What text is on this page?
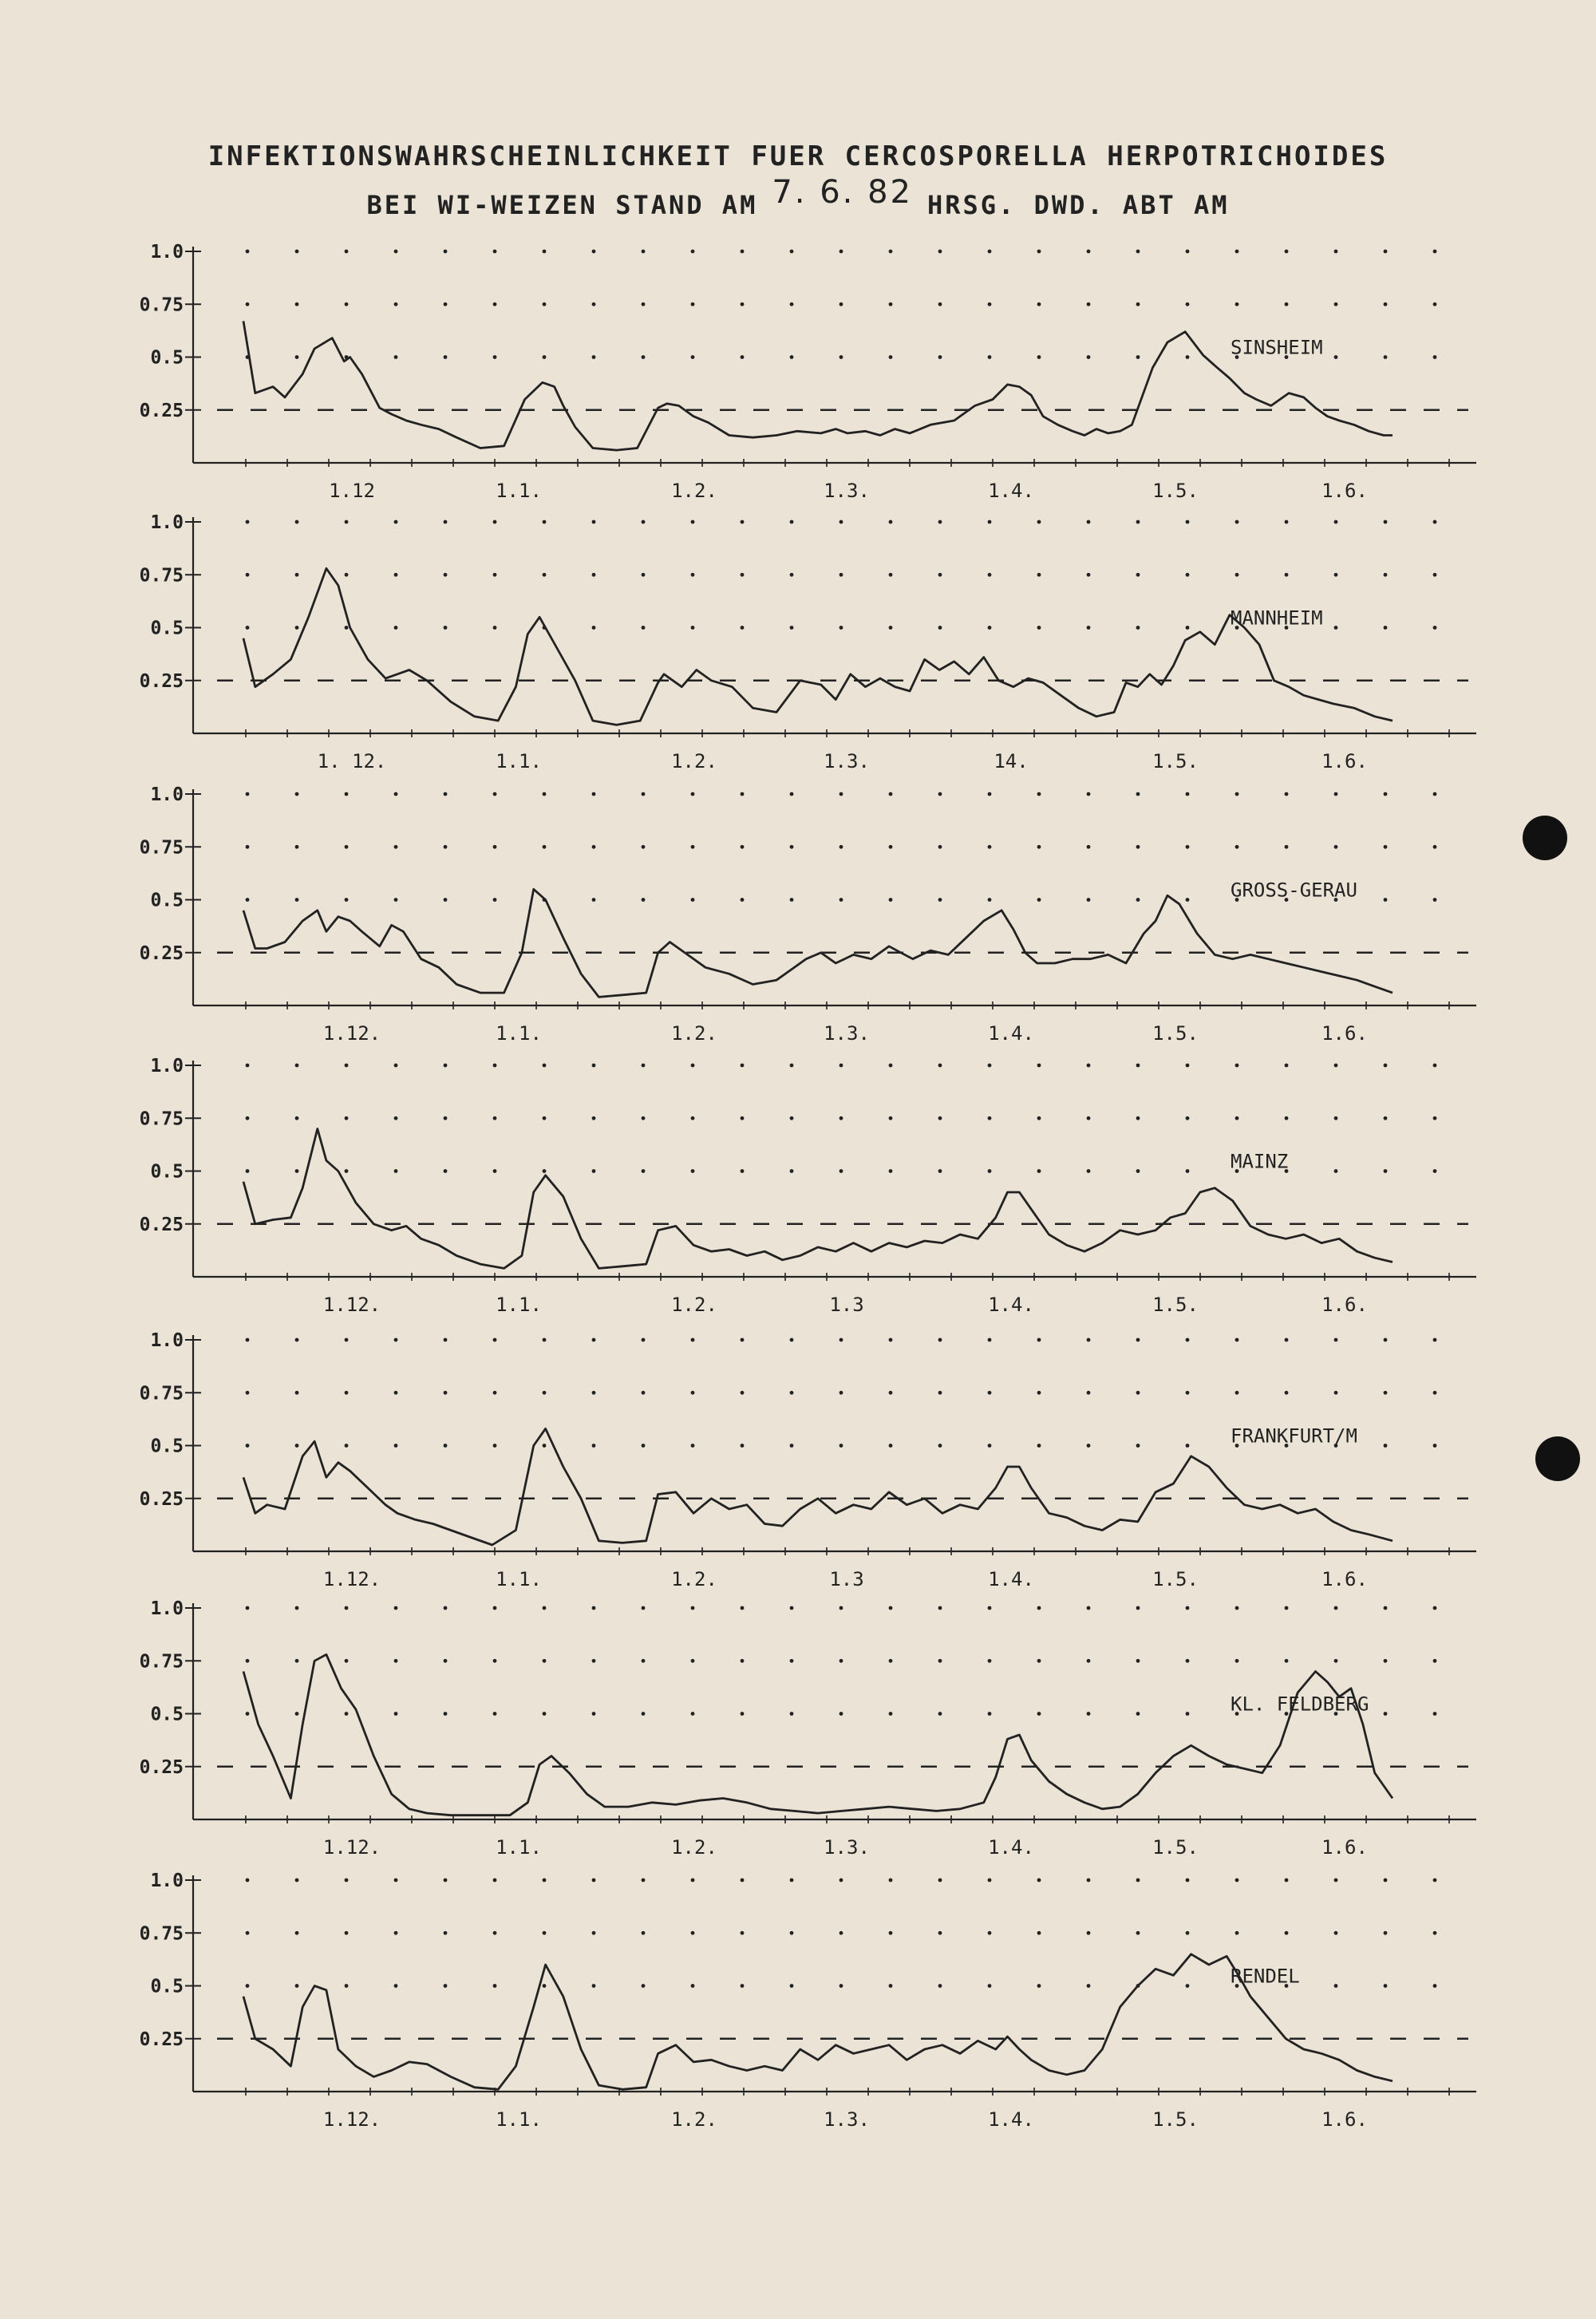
INFEKTIONSWAHRSCHEINLICHKEIT FUER CERCOSPORELLA HERPOTRICHOIDES
BEI WI-WEIZEN STAND AM 7. 6. 82 HRSG. DWD. ABT AM
1.0
0.75
0.5
0.25
1.12	1.1.	1.2.	1.3.	1.4.	1.5.	1.6.
SINSHEIM
1.0
0.75
0.5
0.25
1. 12.	1.1.	1.2.	1.3.	14.	1.5.	1.6.
MANNHEIM
1.0
0.75
0.5
0.25
1.12.	1.1.	1.2.	1.3.	1.4.	1.5.	1.6.
GROSS-GERAU
1.0
0.75
0.5
0.25
1.12.	1.1.	1.2.	1.3	1.4.	1.5.	1.6.
MAINZ
1.0
0.75
0.5
0.25
1.12.	1.1.	1.2.	1.3	1.4.	1.5.	1.6.
FRANKFURT/M
1.0
0.75
0.5
0.25
1.12.	1.1.	1.2.	1.3.	1.4.	1.5.	1.6.
KL. FELDBERG
1.0
0.75
0.5
0.25
1.12.	1.1.	1.2.	1.3.	1.4.	1.5.	1.6.
RENDEL
